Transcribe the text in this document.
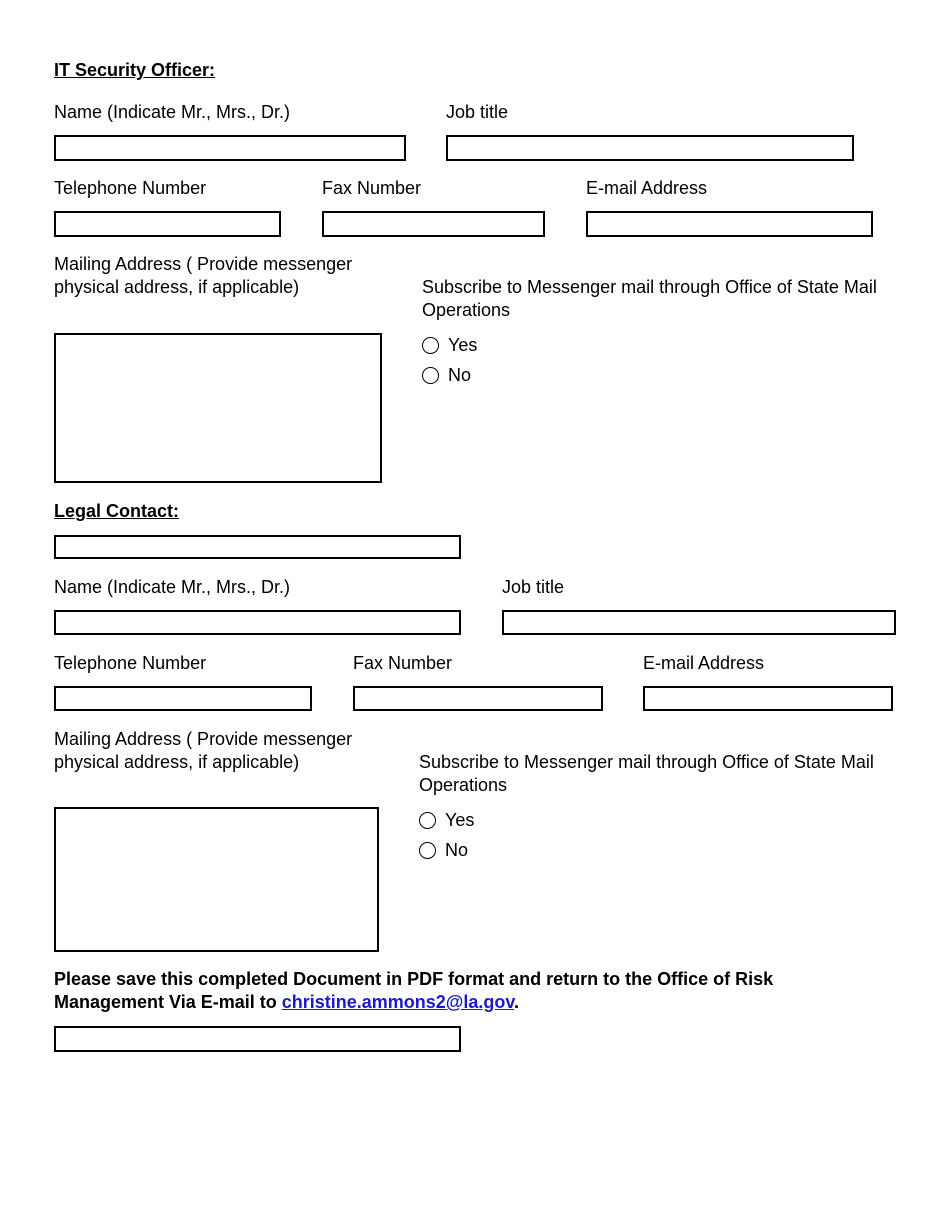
IT Security Officer:
Name (Indicate Mr., Mrs., Dr.)	Job title
Telephone Number	Fax Number	E-mail Address
Mailing Address ( Provide messenger physical address, if applicable)	Subscribe to Messenger mail through Office of State Mail Operations
Yes
No
Legal Contact:
Name (Indicate Mr., Mrs., Dr.)	Job title
Telephone Number	Fax Number	E-mail Address
Mailing Address ( Provide messenger physical address, if applicable)	Subscribe to Messenger mail through Office of State Mail Operations
Yes
No
Please save this completed Document in PDF format and return to the Office of Risk Management Via E-mail to christine.ammons2@la.gov.
